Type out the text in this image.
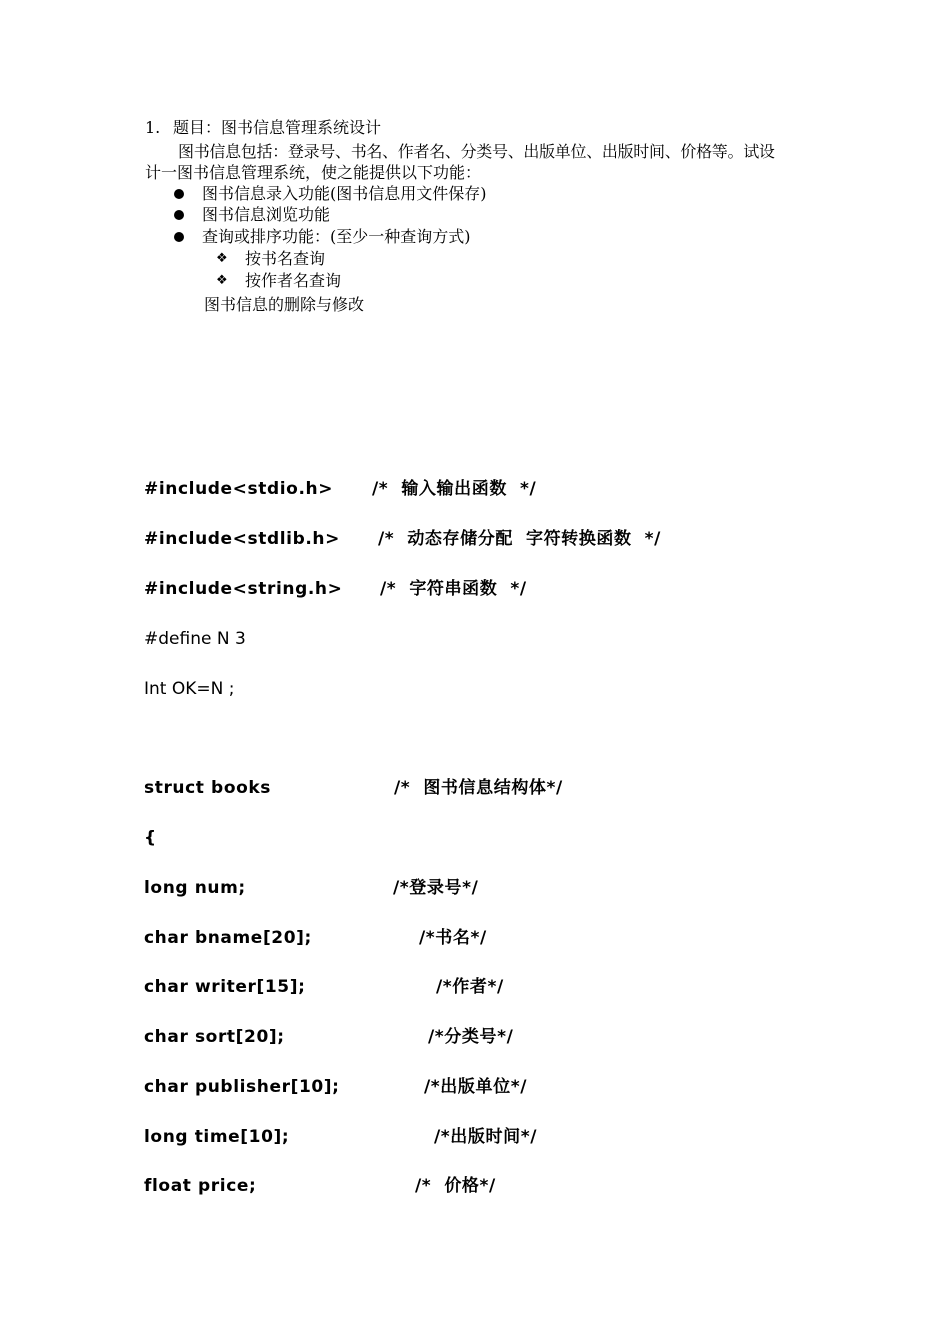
1. 题目：图书信息管理系统设计
图书信息包括：登录号、书名、作者名、分类号、出版单位、出版时间、价格等。试设
计一图书信息管理系统，使之能提供以下功能：
图书信息录入功能(图书信息用文件保存)
图书信息浏览功能
查询或排序功能：(至少一种查询方式)
❖ 按书名查询
❖ 按作者名查询
图书信息的删除与修改
#include<stdio.h> /*  输入输出函数  */
#include<stdlib.h> /*  动态存储分配  字符转换函数  */
#include<string.h> /*  字符串函数  */
#define N 3
Int OK=N ;
struct books	/*  图书信息结构体*/
{
long num;	/*登录号*/
char bname[20];	/*书名*/
char writer[15];	/*作者*/
char sort[20];	/*分类号*/
char publisher[10];	/*出版单位*/
long time[10];	/*出版时间*/
float price;	/*  价格*/
